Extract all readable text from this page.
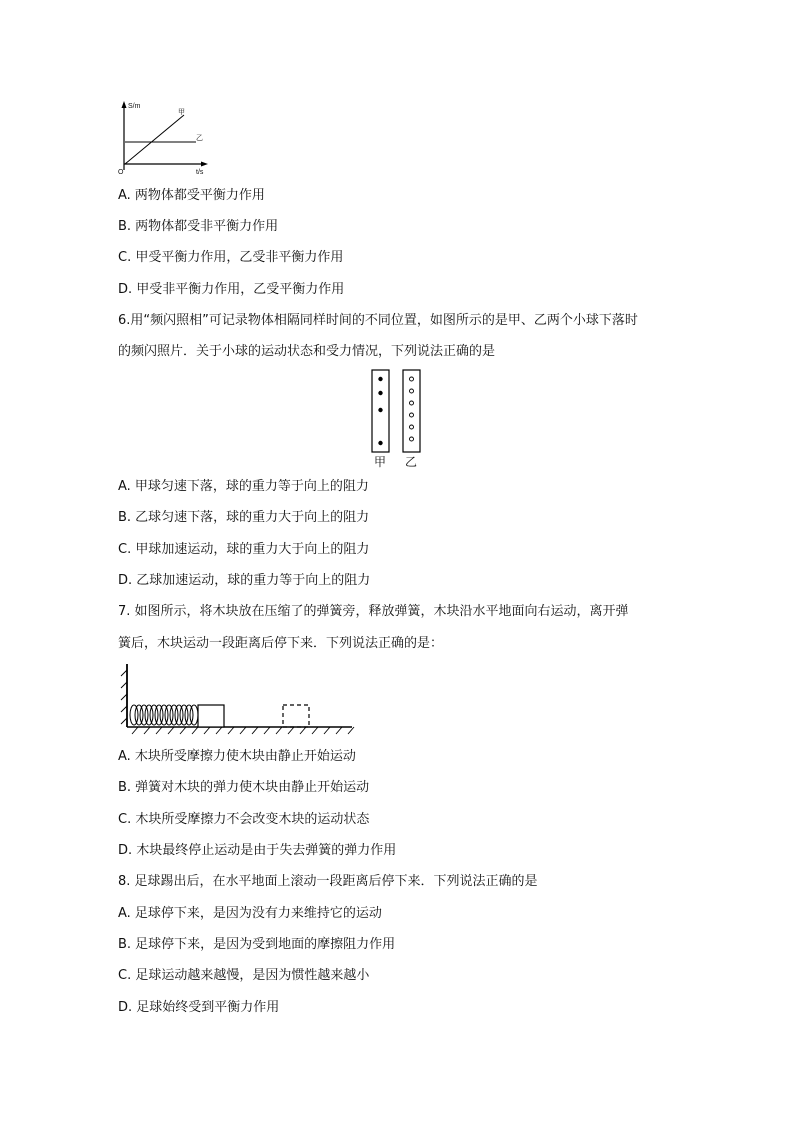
S/m
t/s
O
甲
乙
A. 两物体都受平衡力作用
B. 两物体都受非平衡力作用
C. 甲受平衡力作用，乙受非平衡力作用
D. 甲受非平衡力作用，乙受平衡力作用
6.用“频闪照相”可记录物体相隔同样时间的不同位置，如图所示的是甲、乙两个小球下落时
的频闪照片．关于小球的运动状态和受力情况，下列说法正确的是
甲 乙
A. 甲球匀速下落，球的重力等于向上的阻力
B. 乙球匀速下落，球的重力大于向上的阻力
C. 甲球加速运动，球的重力大于向上的阻力
D. 乙球加速运动，球的重力等于向上的阻力
7. 如图所示，将木块放在压缩了的弹簧旁，释放弹簧，木块沿水平地面向右运动，离开弹
簧后，木块运动一段距离后停下来．下列说法正确的是：
A. 木块所受摩擦力使木块由静止开始运动
B. 弹簧对木块的弹力使木块由静止开始运动
C. 木块所受摩擦力不会改变木块的运动状态
D. 木块最终停止运动是由于失去弹簧的弹力作用
8. 足球踢出后，在水平地面上滚动一段距离后停下来．下列说法正确的是
A. 足球停下来，是因为没有力来维持它的运动
B. 足球停下来，是因为受到地面的摩擦阻力作用
C. 足球运动越来越慢，是因为惯性越来越小
D. 足球始终受到平衡力作用
